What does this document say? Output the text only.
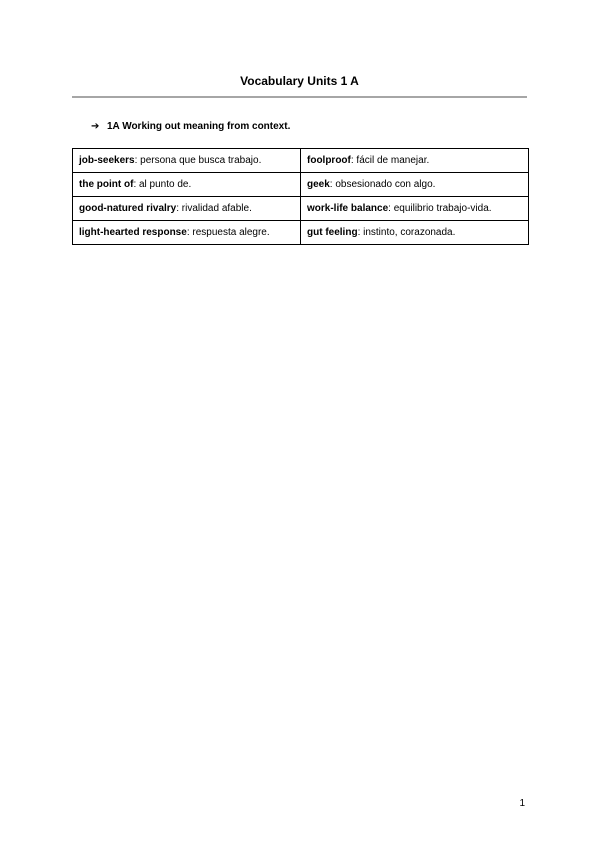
Vocabulary Units 1 A
➔ 1A Working out meaning from context.
job-seekers: persona que busca trabajo.	foolproof: fácil de manejar.
the point of: al punto de.	geek: obsesionado con algo.
good-natured rivalry: rivalidad afable.	work-life balance: equilibrio trabajo-vida.
light-hearted response: respuesta alegre.	gut feeling: instinto, corazonada.
1
